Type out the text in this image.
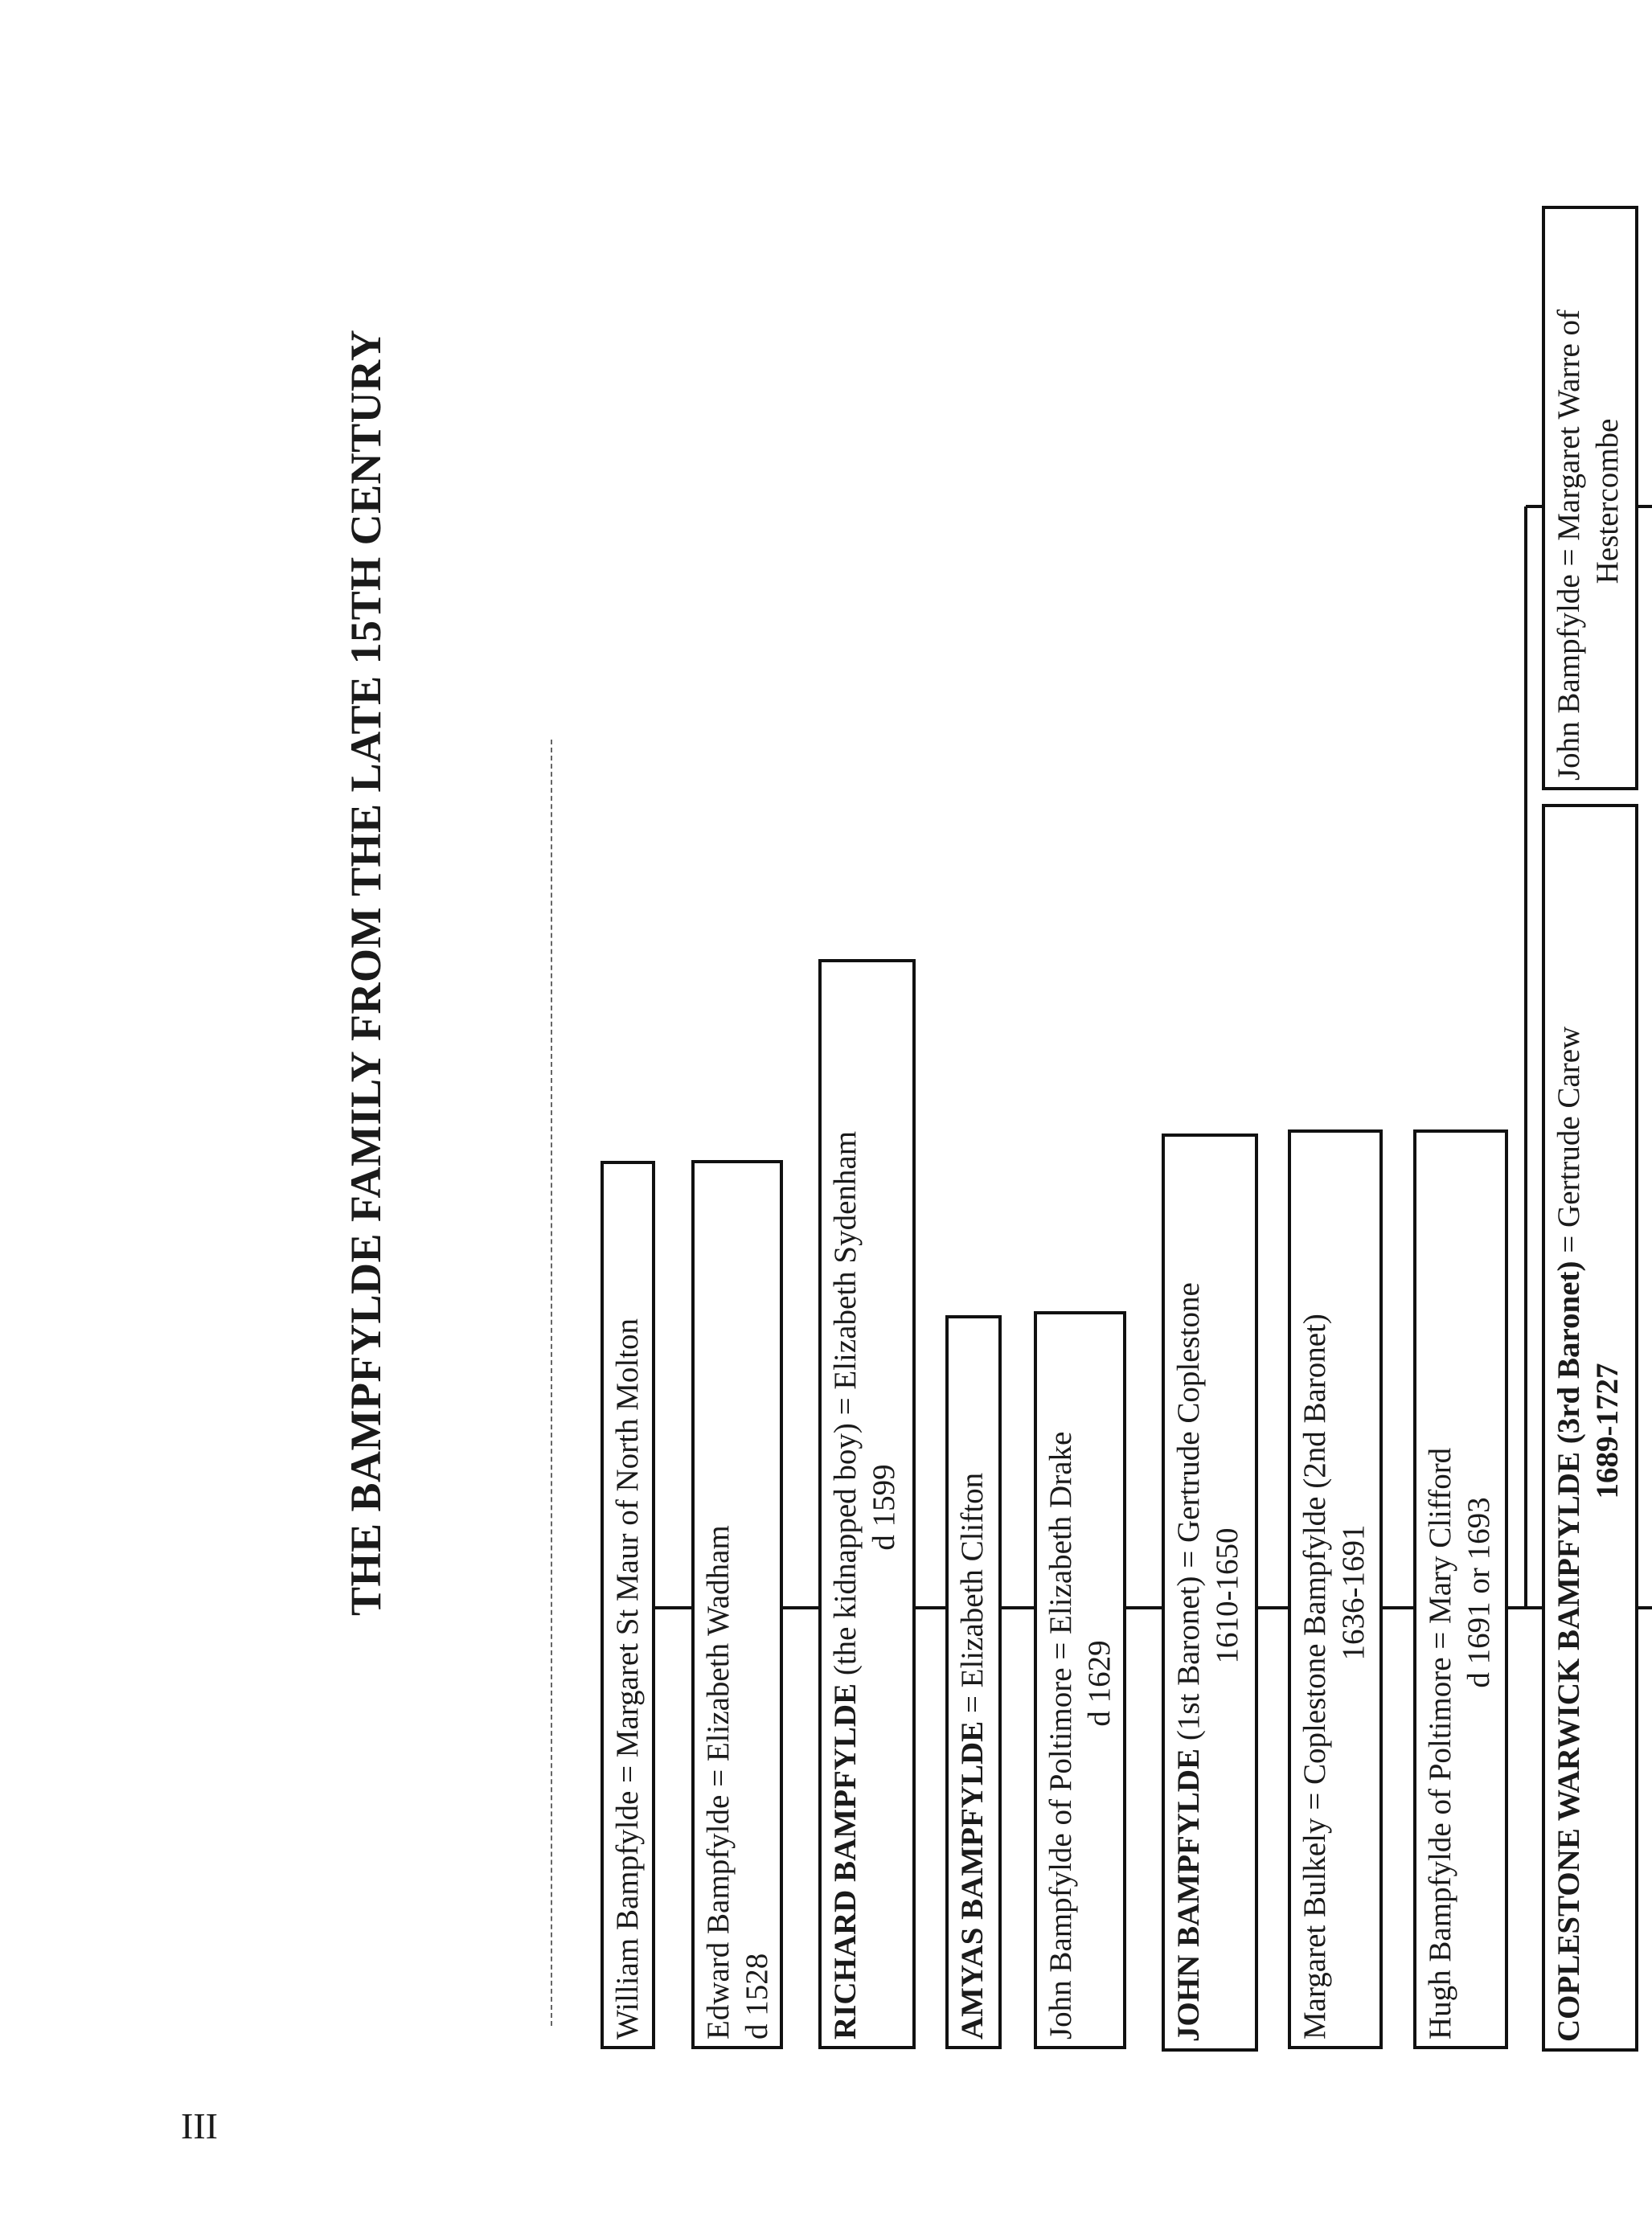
III
THE BAMPFYLDE FAMILY FROM THE LATE 15TH CENTURY
William Bampfylde = Margaret St Maur of North Molton Edward Bampfylde = Elizabeth Wadham d 1528 RICHARD BAMPFYLDE (the kidnapped boy) = Elizabeth Sydenham d 1599
AMYAS BAMPFYLDE = Elizabeth Clifton John Bampfylde of Poltimore = Elizabeth Drake d 1629
JOHN BAMPFYLDE (1st Baronet) = Gertrude Coplestone 1610-1650 Margaret Bulkely = Coplestone Bampfylde (2nd Baronet) 1636-1691 Hugh Bampfylde of Poltimore = Mary Clifford d 1691 or 1693 COPLESTONE WARWICK BAMPFYLDE (3rd Baronet) = Gertrude Carew
1689-1727
John Bampfylde = Margaret Warre of Hestercombe
